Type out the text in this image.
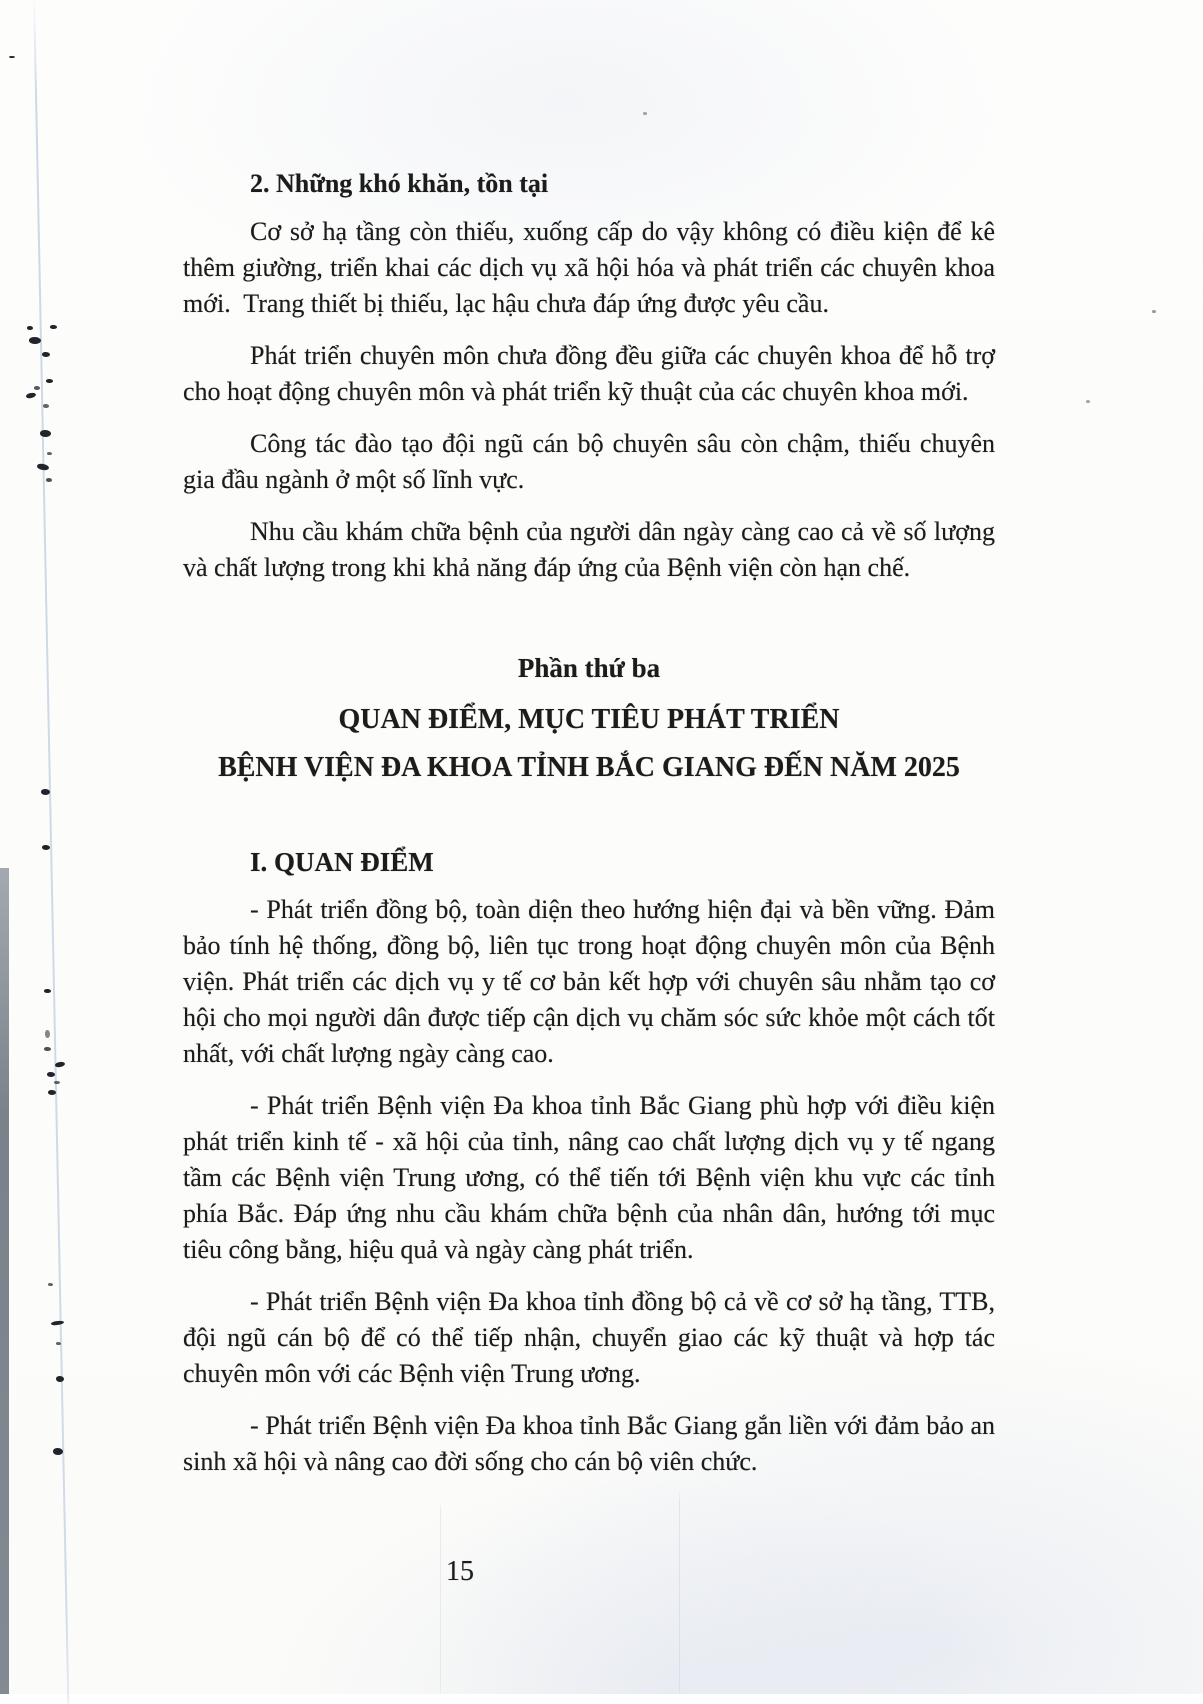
2. Những khó khăn, tồn tại

Cơ sở hạ tầng còn thiếu, xuống cấp do vậy không có điều kiện để kê thêm giường, triển khai các dịch vụ xã hội hóa và phát triển các chuyên khoa mới.  Trang thiết bị thiếu, lạc hậu chưa đáp ứng được yêu cầu.

Phát triển chuyên môn chưa đồng đều giữa các chuyên khoa để hỗ trợ cho hoạt động chuyên môn và phát triển kỹ thuật của các chuyên khoa mới.

Công tác đào tạo đội ngũ cán bộ chuyên sâu còn chậm, thiếu chuyên gia đầu ngành ở một số lĩnh vực.

Nhu cầu khám chữa bệnh của người dân ngày càng cao cả về số lượng và chất lượng trong khi khả năng đáp ứng của Bệnh viện còn hạn chế.

Phần thứ ba
QUAN ĐIỂM, MỤC TIÊU PHÁT TRIỂN
BỆNH VIỆN ĐA KHOA TỈNH BẮC GIANG ĐẾN NĂM 2025
I. QUAN ĐIỂM

- Phát triển đồng bộ, toàn diện theo hướng hiện đại và bền vững. Đảm bảo tính hệ thống, đồng bộ, liên tục trong hoạt động chuyên môn của Bệnh viện. Phát triển các dịch vụ y tế cơ bản kết hợp với chuyên sâu nhằm tạo cơ hội cho mọi người dân được tiếp cận dịch vụ chăm sóc sức khỏe một cách tốt nhất, với chất lượng ngày càng cao.

- Phát triển Bệnh viện Đa khoa tỉnh Bắc Giang phù hợp với điều kiện phát triển kinh tế - xã hội của tỉnh, nâng cao chất lượng dịch vụ y tế ngang tầm các Bệnh viện Trung ương, có thể tiến tới Bệnh viện khu vực các tỉnh phía Bắc. Đáp ứng nhu cầu khám chữa bệnh của nhân dân, hướng tới mục tiêu công bằng, hiệu quả và ngày càng phát triển.

- Phát triển Bệnh viện Đa khoa tỉnh đồng bộ cả về cơ sở hạ tầng, TTB, đội ngũ cán bộ để có thể tiếp nhận, chuyển giao các kỹ thuật và hợp tác chuyên môn với các Bệnh viện Trung ương.

- Phát triển Bệnh viện Đa khoa tỉnh Bắc Giang gắn liền với đảm bảo an sinh xã hội và nâng cao đời sống cho cán bộ viên chức.

15
